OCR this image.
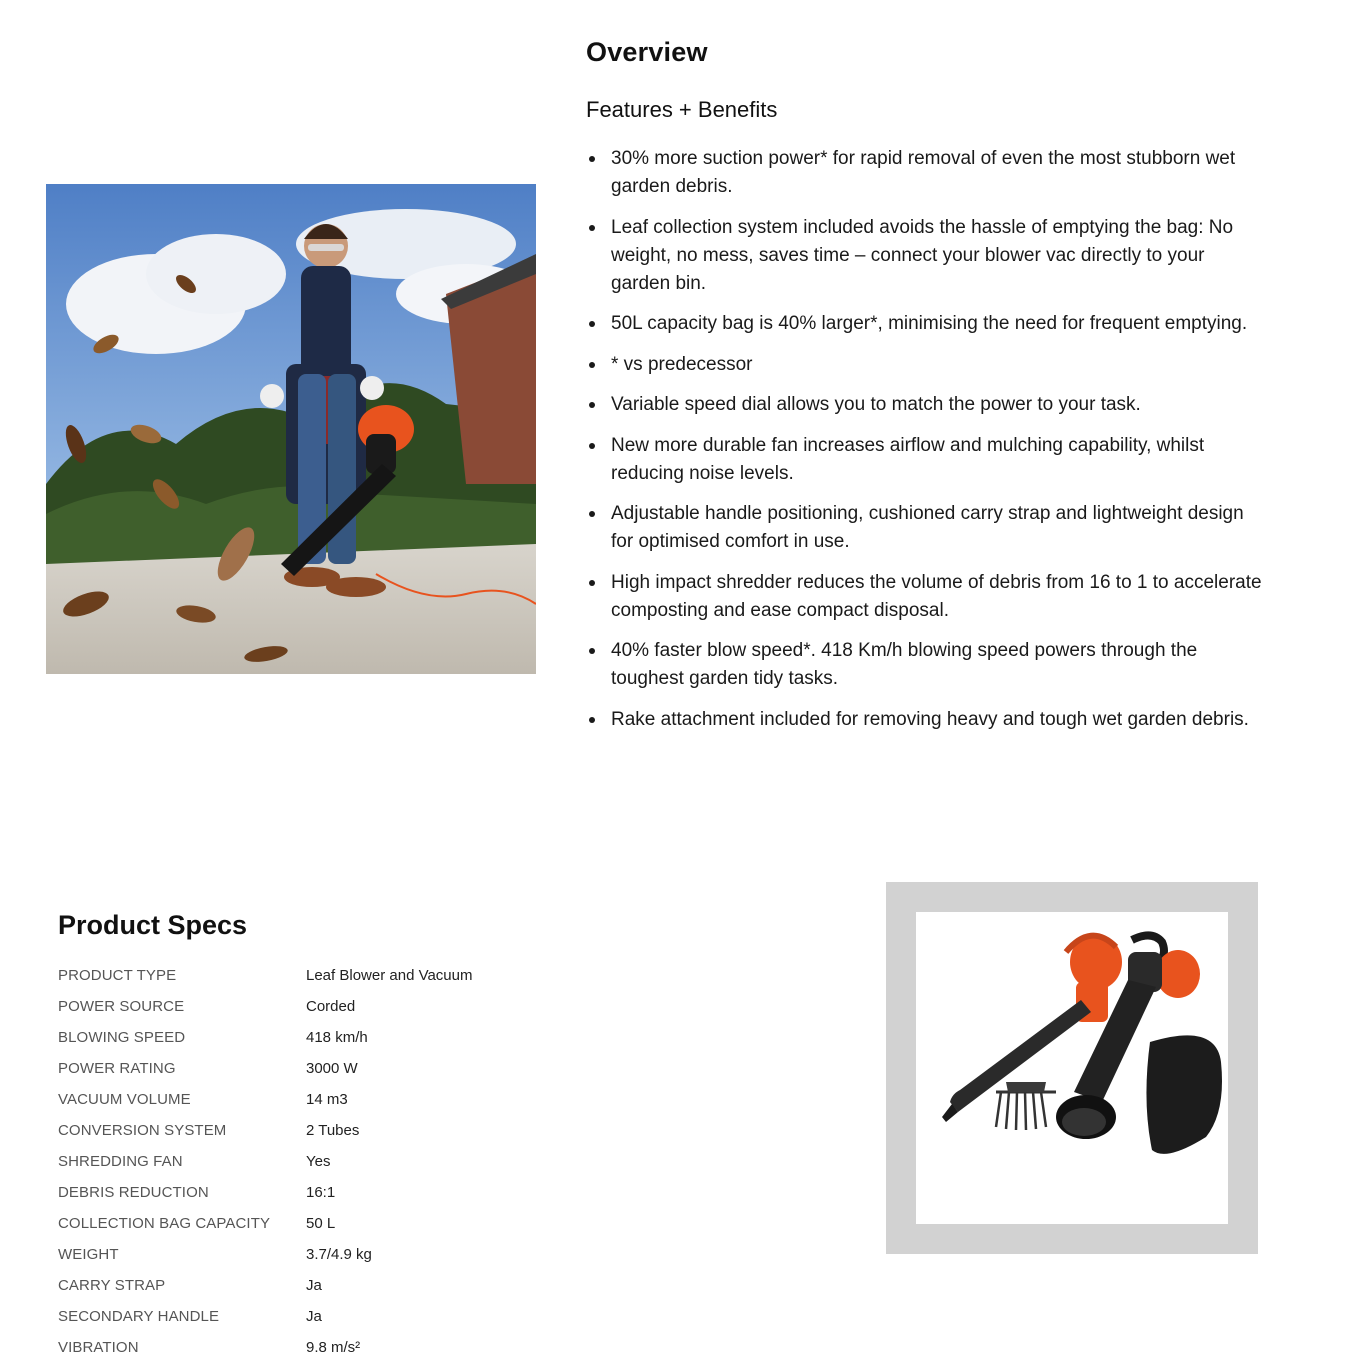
Overview
Features + Benefits
30% more suction power* for rapid removal of even the most stubborn wet garden debris.
Leaf collection system included avoids the hassle of emptying the bag: No weight, no mess, saves time – connect your blower vac directly to your garden bin.
50L capacity bag is 40% larger*, minimising the need for frequent emptying.
* vs predecessor
Variable speed dial allows you to match the power to your task.
New more durable fan increases airflow and mulching capability, whilst reducing noise levels.
Adjustable handle positioning, cushioned carry strap and lightweight design for optimised comfort in use.
High impact shredder reduces the volume of debris from 16 to 1 to accelerate composting and ease compact disposal.
40% faster blow speed*. 418 Km/h blowing speed powers through the toughest garden tidy tasks.
Rake attachment included for removing heavy and tough wet garden debris.
Product Specs
PRODUCT TYPE	Leaf Blower and Vacuum
POWER SOURCE	Corded
BLOWING SPEED	418 km/h
POWER RATING	3000 W
VACUUM VOLUME	14 m3
CONVERSION SYSTEM	2 Tubes
SHREDDING FAN	Yes
DEBRIS REDUCTION	16:1
COLLECTION BAG CAPACITY	50 L
WEIGHT	3.7/4.9 kg
CARRY STRAP	Ja
SECONDARY HANDLE	Ja
VIBRATION	9.8 m/s²
